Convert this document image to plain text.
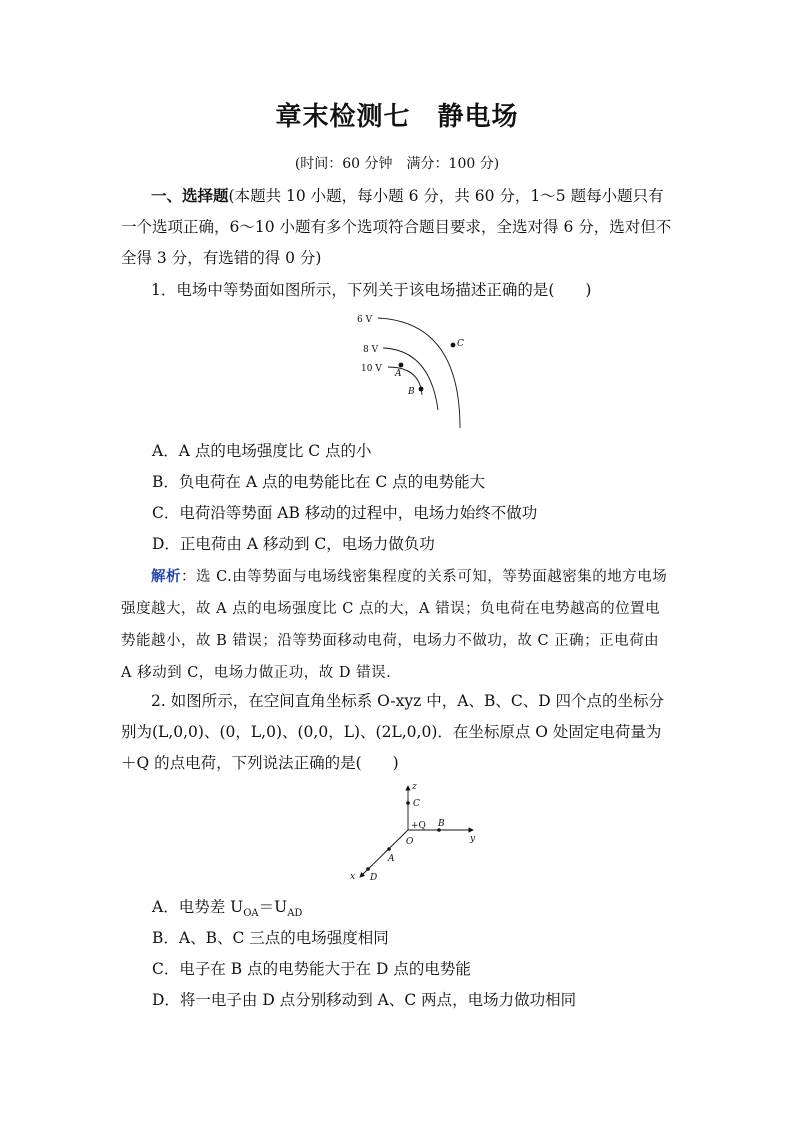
章末检测七　静电场
(时间：60 分钟　满分：100 分)
一、选择题(本题共 10 小题，每小题 6 分，共 60 分，1～5 题每小题只有一个选项正确，6～10 小题有多个选项符合题目要求，全选对得 6 分，选对但不全得 3 分，有选错的得 0 分)
1．电场中等势面如图所示，下列关于该电场描述正确的是(　　)
6 V
8 V
10 V A
B
C
A．A 点的电场强度比 C 点的小
B．负电荷在 A 点的电势能比在 C 点的电势能大
C．电荷沿等势面 AB 移动的过程中，电场力始终不做功
D．正电荷由 A 移动到 C，电场力做负功
解析：选 C.由等势面与电场线密集程度的关系可知，等势面越密集的地方电场强度越大，故 A 点的电场强度比 C 点的大，A 错误；负电荷在电势越高的位置电势能越小，故 B 错误；沿等势面移动电荷，电场力不做功，故 C 正确；正电荷由 A 移动到 C，电场力做正功，故 D 错误.
2. 如图所示，在空间直角坐标系 O-xyz 中，A、B、C、D 四个点的坐标分别为(L,0,0)、(0，L,0)、(0,0，L)、(2L,0,0)．在坐标原点 O 处固定电荷量为＋Q 的点电荷，下列说法正确的是(　　)
z
y
x
O
+Q
C
B
A
D
A．电势差 $U_{OA}=U_{AD}$
B．A、B、C 三点的电场强度相同
C．电子在 B 点的电势能大于在 D 点的电势能
D．将一电子由 D 点分别移动到 A、C 两点，电场力做功相同
